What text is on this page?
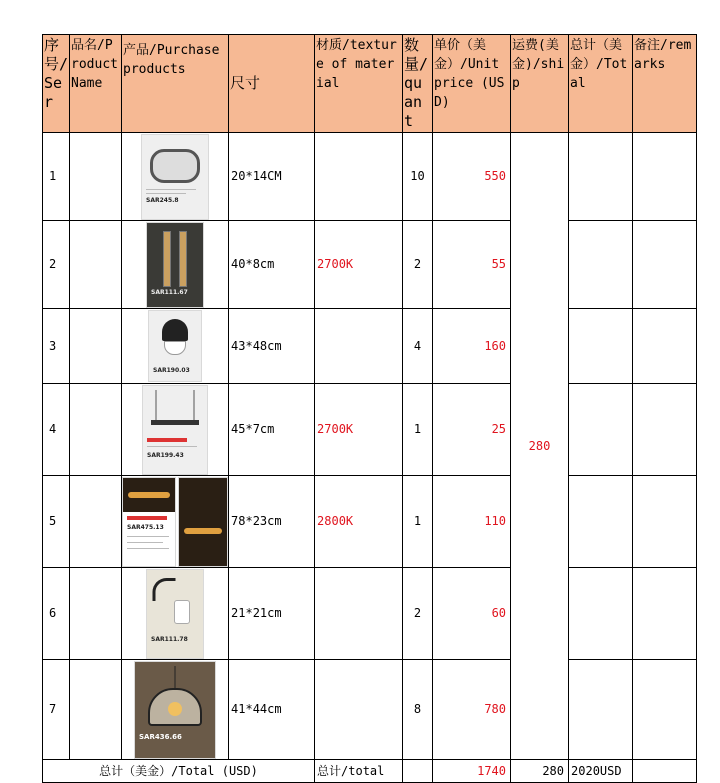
序号/Ser	品名/Product Name	产品/Purchase products	尺寸	材质/texture of material	数量/quant	单价（美金）/Unit price (USD)	运费(美金)/ship	总计（美金）/Total	备注/remarks
1		SAR245.8	20*14CM		10	550	280		
2		SAR111.67	40*8cm	2700K	2	55			
3		SAR190.03	43*48cm		4	160			
4		SAR199.43	45*7cm	2700K	1	25			
5		SAR475.13	78*23cm	2800K	1	110			
6		SAR111.78	21*21cm		2	60			
7		SAR436.66	41*44cm		8	780			
总计（美金）/Total (USD)				总计/total		1740	280	2020USD	
